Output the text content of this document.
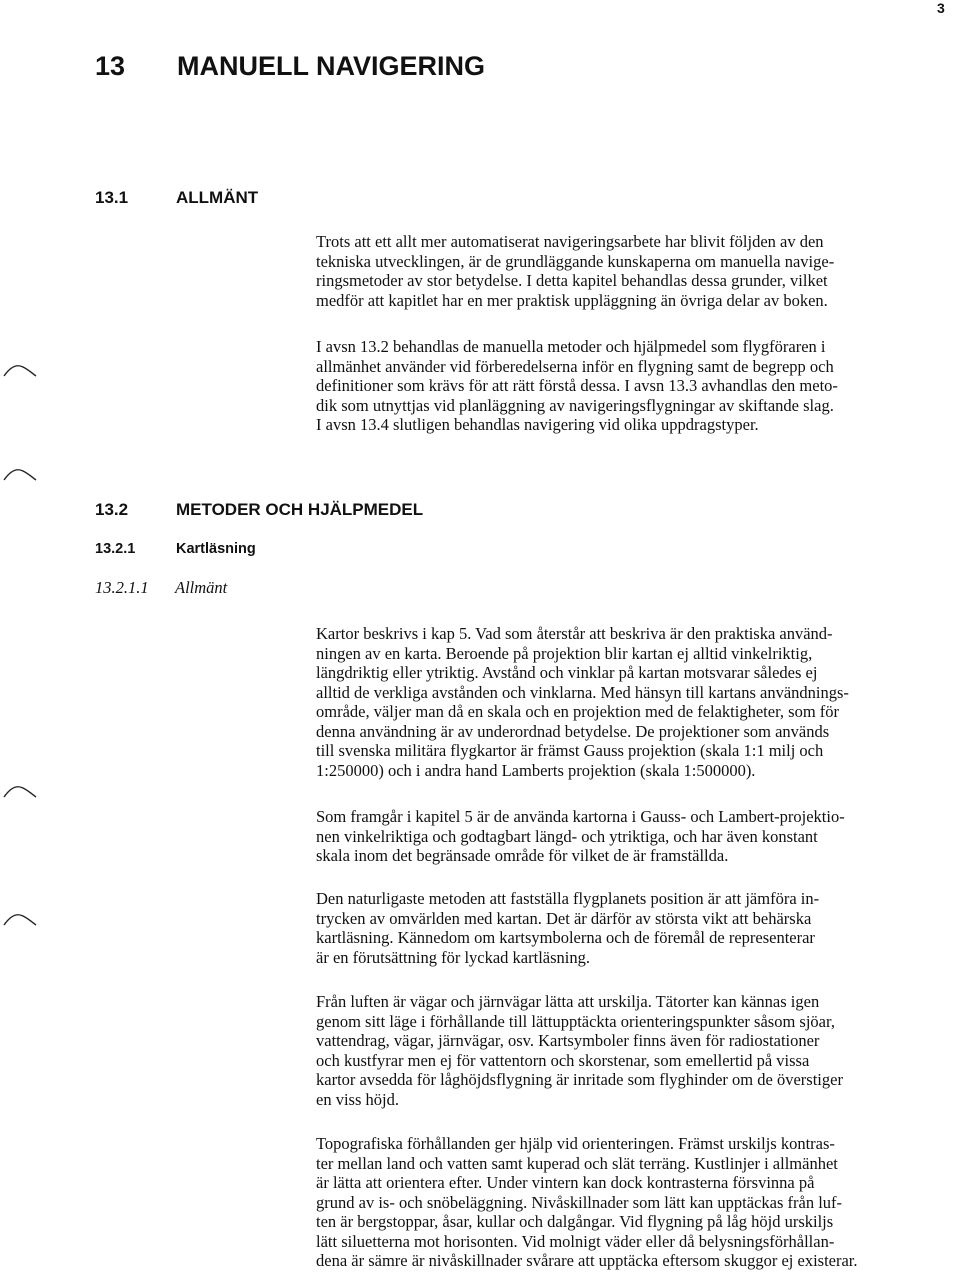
3
13 MANUELL NAVIGERING
13.1	ALLMÄNT
Trots att ett allt mer automatiserat navigeringsarbete har blivit följden av den
tekniska utvecklingen, är de grundläggande kunskaperna om manuella navige-
ringsmetoder av stor betydelse. I detta kapitel behandlas dessa grunder, vilket
medför att kapitlet har en mer praktisk uppläggning än övriga delar av boken.
I avsn 13.2 behandlas de manuella metoder och hjälpmedel som flygföraren i
allmänhet använder vid förberedelserna inför en flygning samt de begrepp och
definitioner som krävs för att rätt förstå dessa. I avsn 13.3 avhandlas den meto-
dik som utnyttjas vid planläggning av navigeringsflygningar av skiftande slag.
I avsn 13.4 slutligen behandlas navigering vid olika uppdragstyper.
13.2	METODER OCH HJÄLPMEDEL
13.2.1	Kartläsning
13.2.1.1 Allmänt
Kartor beskrivs i kap 5. Vad som återstår att beskriva är den praktiska använd-
ningen av en karta. Beroende på projektion blir kartan ej alltid vinkelriktig,
längdriktig eller ytriktig. Avstånd och vinklar på kartan motsvarar således ej
alltid de verkliga avstånden och vinklarna. Med hänsyn till kartans användnings-
område, väljer man då en skala och en projektion med de felaktigheter, som för
denna användning är av underordnad betydelse. De projektioner som används
till svenska militära flygkartor är främst Gauss projektion (skala 1:1 milj och
1:250000) och i andra hand Lamberts projektion (skala 1:500000).
Som framgår i kapitel 5 är de använda kartorna i Gauss- och Lambert-projektio-
nen vinkelriktiga och godtagbart längd- och ytriktiga, och har även konstant
skala inom det begränsade område för vilket de är framställda.
Den naturligaste metoden att fastställa flygplanets position är att jämföra in-
trycken av omvärlden med kartan. Det är därför av största vikt att behärska
kartläsning. Kännedom om kartsymbolerna och de föremål de representerar
är en förutsättning för lyckad kartläsning.
Från luften är vägar och järnvägar lätta att urskilja. Tätorter kan kännas igen
genom sitt läge i förhållande till lättupptäckta orienteringspunkter såsom sjöar,
vattendrag, vägar, järnvägar, osv. Kartsymboler finns även för radiostationer
och kustfyrar men ej för vattentorn och skorstenar, som emellertid på vissa
kartor avsedda för låghöjdsflygning är inritade som flyghinder om de överstiger
en viss höjd.
Topografiska förhållanden ger hjälp vid orienteringen. Främst urskiljs kontras-
ter mellan land och vatten samt kuperad och slät terräng. Kustlinjer i allmänhet
är lätta att orientera efter. Under vintern kan dock kontrasterna försvinna på
grund av is- och snöbeläggning. Nivåskillnader som lätt kan upptäckas från luf-
ten är bergstoppar, åsar, kullar och dalgångar. Vid flygning på låg höjd urskiljs
lätt siluetterna mot horisonten. Vid molnigt väder eller då belysningsförhållan-
dena är sämre är nivåskillnader svårare att upptäcka eftersom skuggor ej existerar.
